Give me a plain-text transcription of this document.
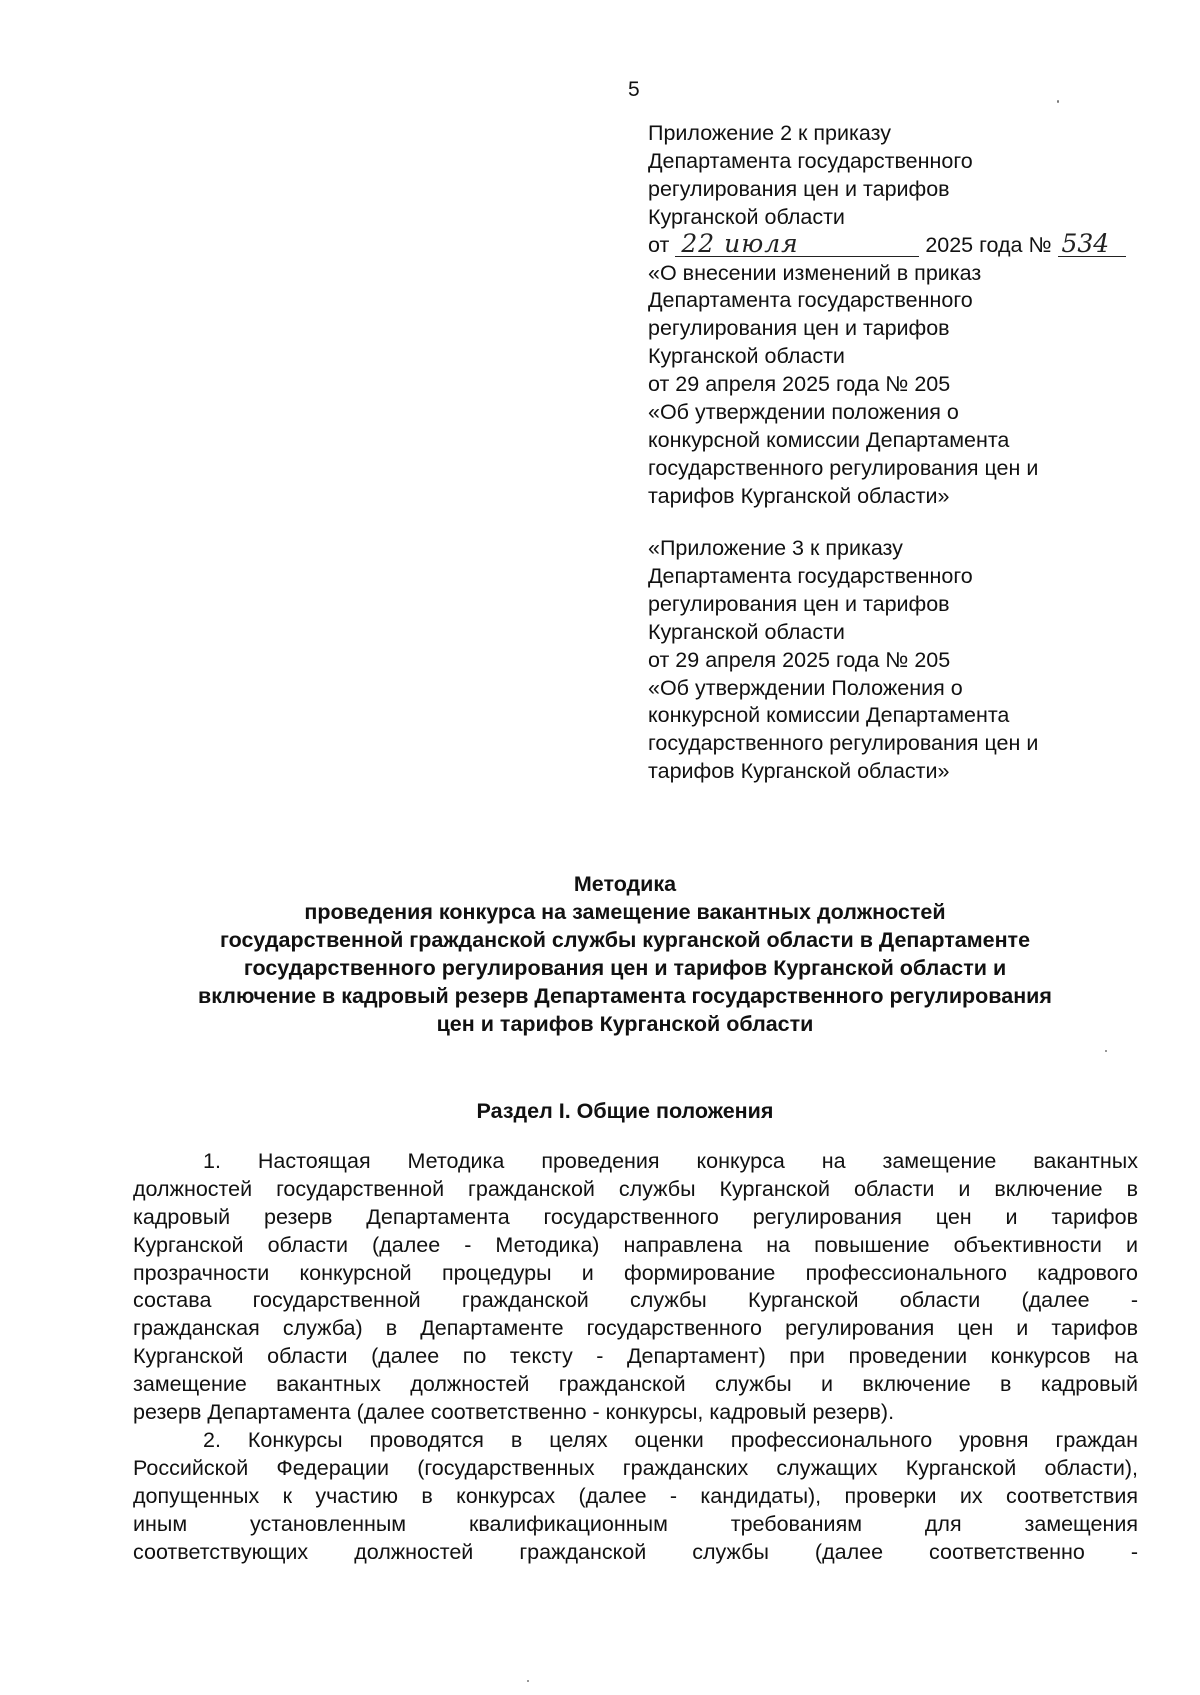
5
Приложение 2 к приказу
Департамента государственного
регулирования цен и тарифов
Курганской области
от 22 июля	2025 года № 534
«О внесении изменений в приказ
Департамента государственного
регулирования цен и тарифов
Курганской области
от 29 апреля 2025 года № 205
«Об утверждении положения о
конкурсной комиссии Департамента
государственного регулирования цен и
тарифов Курганской области»
«Приложение 3 к приказу
Департамента государственного
регулирования цен и тарифов
Курганской области
от 29 апреля 2025 года № 205
«Об утверждении Положения о
конкурсной комиссии Департамента
государственного регулирования цен и
тарифов Курганской области»
Методика
проведения конкурса на замещение вакантных должностей
государственной гражданской службы курганской области в Департаменте
государственного регулирования цен и тарифов Курганской области и
включение в кадровый резерв Департамента государственного регулирования
цен и тарифов Курганской области
Раздел I. Общие положения
1. Настоящая Методика проведения конкурса на замещение вакантных
должностей государственной гражданской службы Курганской области и включение в
кадровый резерв Департамента государственного регулирования цен и тарифов
Курганской области (далее - Методика) направлена на повышение объективности и
прозрачности конкурсной процедуры и формирование профессионального кадрового
состава государственной гражданской службы Курганской области (далее -
гражданская служба) в Департаменте государственного регулирования цен и тарифов
Курганской области (далее по тексту - Департамент) при проведении конкурсов на
замещение вакантных должностей гражданской службы и включение в кадровый
резерв Департамента (далее соответственно - конкурсы, кадровый резерв).
2. Конкурсы проводятся в целях оценки профессионального уровня граждан
Российской Федерации (государственных гражданских служащих Курганской области),
допущенных к участию в конкурсах (далее - кандидаты), проверки их соответствия
иным установленным квалификационным требованиям для замещения
соответствующих должностей гражданской службы (далее соответственно -
